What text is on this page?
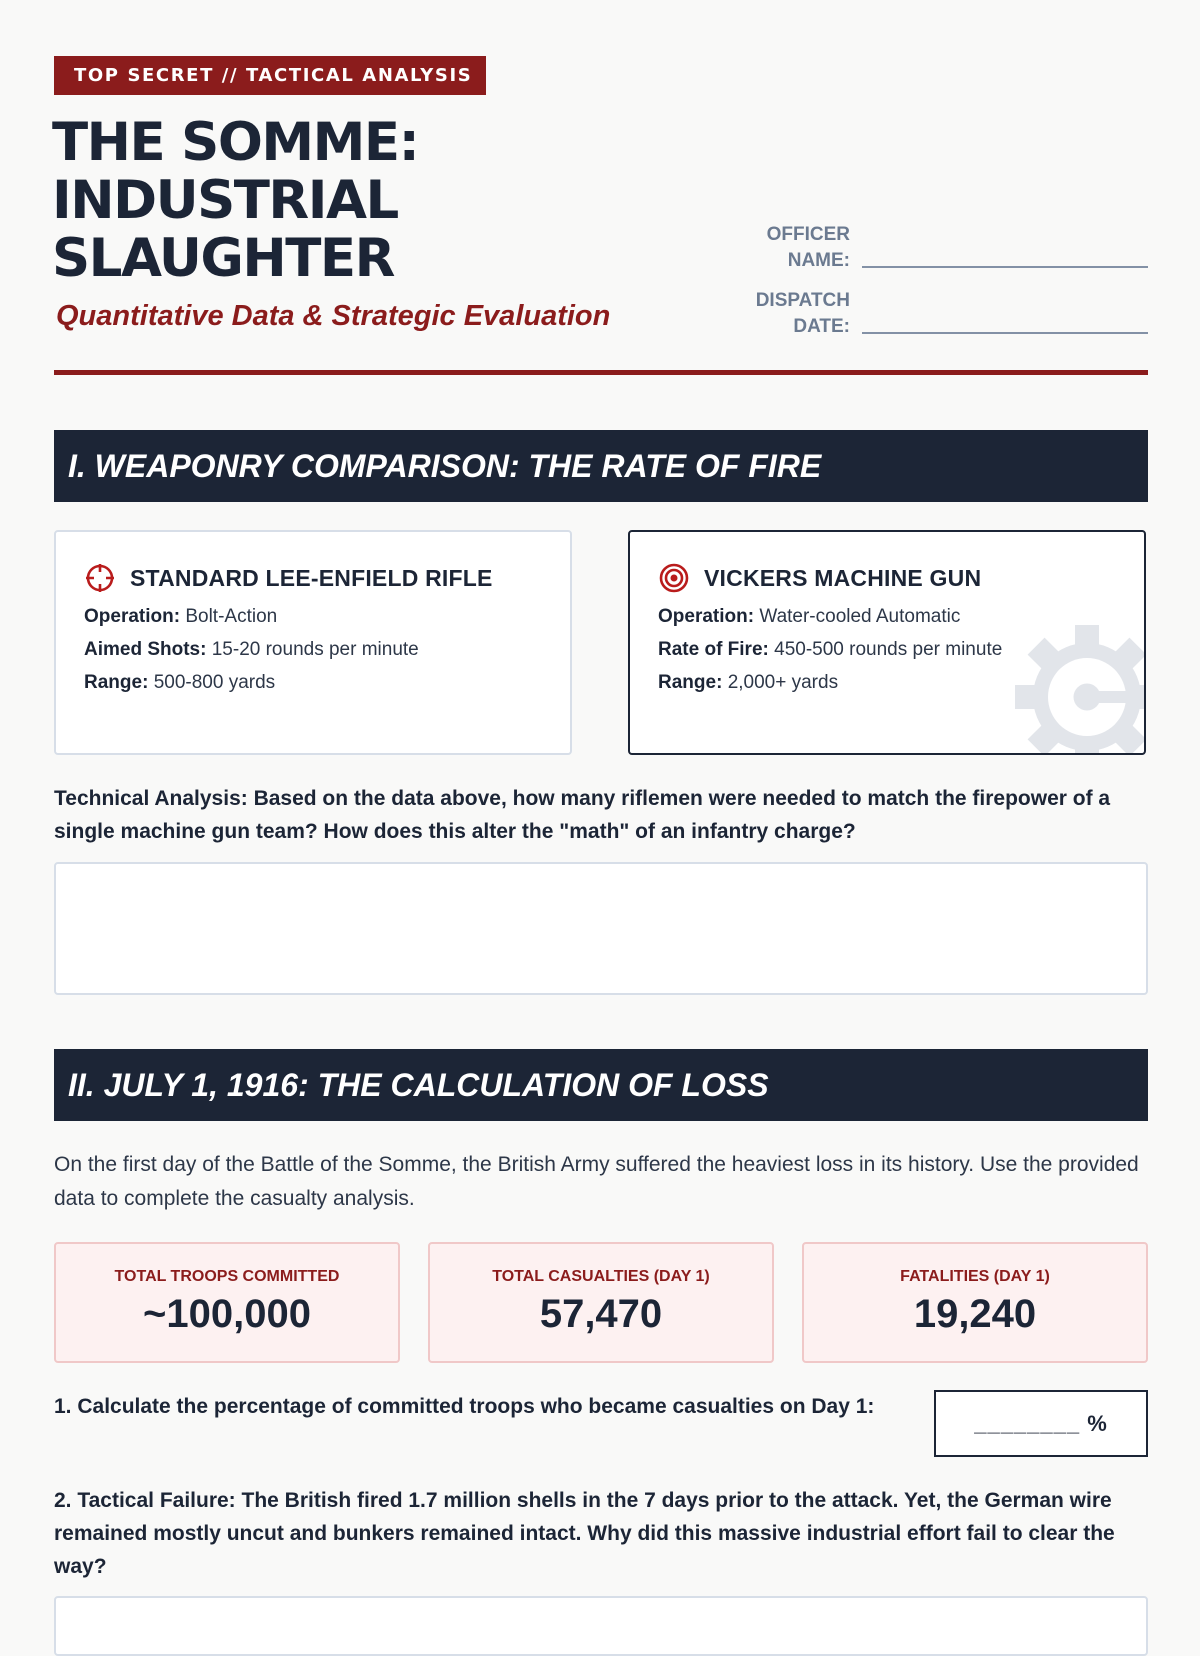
TOP SECRET // TACTICAL ANALYSIS
THE SOMME:
INDUSTRIAL
SLAUGHTER

Quantitative Data & Strategic Evaluation

OFFICER
NAME:
DISPATCH
DATE:
I. WEAPONRY COMPARISON: THE RATE OF FIRE
STANDARD LEE-ENFIELD RIFLE
Operation: Bolt-Action
Aimed Shots: 15-20 rounds per minute
Range: 500-800 yards
VICKERS MACHINE GUN
Operation: Water-cooled Automatic
Rate of Fire: 450-500 rounds per minute
Range: 2,000+ yards

Technical Analysis: Based on the data above, how many riflemen were needed to match the firepower of a single machine gun team? How does this alter the "math" of an infantry charge?

II. JULY 1, 1916: THE CALCULATION OF LOSS

On the first day of the Battle of the Somme, the British Army suffered the heaviest loss in its history. Use the provided data to complete the casualty analysis.

TOTAL TROOPS COMMITTED
~100,000
TOTAL CASUALTIES (DAY 1)
57,470
FATALITIES (DAY 1)
19,240

1. Calculate the percentage of committed troops who became casualties on Day 1:

________ %

2. Tactical Failure: The British fired 1.7 million shells in the 7 days prior to the attack. Yet, the German wire remained mostly uncut and bunkers remained intact. Why did this massive industrial effort fail to clear the way?
